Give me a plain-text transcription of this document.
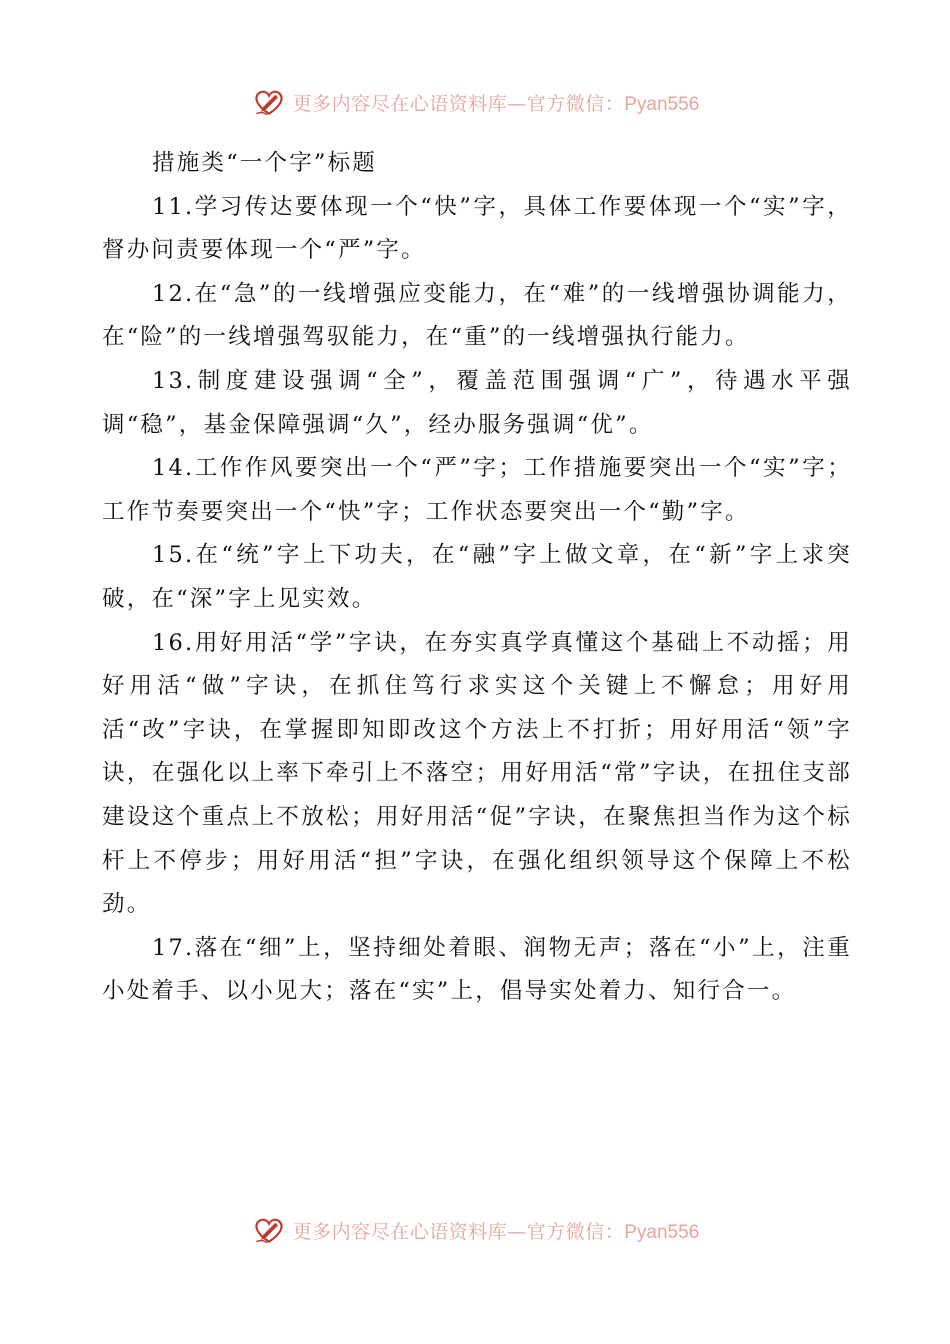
更多内容尽在心语资料库—官方微信：Pyan556

措施类“一个字”标题

11.学习传达要体现一个“快”字，具体工作要体现一个“实”字，督办问责要体现一个“严”字。

12.在“急”的一线增强应变能力，在“难”的一线增强协调能力，在“险”的一线增强驾驭能力，在“重”的一线增强执行能力。

13.制度建设强调“全”，覆盖范围强调“广”，待遇水平强调“稳”，基金保障强调“久”，经办服务强调“优”。

14.工作作风要突出一个“严”字；工作措施要突出一个“实”字；工作节奏要突出一个“快”字；工作状态要突出一个“勤”字。

15.在“统”字上下功夫，在“融”字上做文章，在“新”字上求突破，在“深”字上见实效。

16.用好用活“学”字诀，在夯实真学真懂这个基础上不动摇；用好用活“做”字诀，在抓住笃行求实这个关键上不懈怠；用好用活“改”字诀，在掌握即知即改这个方法上不打折；用好用活“领”字诀，在强化以上率下牵引上不落空；用好用活“常”字诀，在扭住支部建设这个重点上不放松；用好用活“促”字诀，在聚焦担当作为这个标杆上不停步；用好用活“担”字诀，在强化组织领导这个保障上不松劲。

17.落在“细”上，坚持细处着眼、润物无声；落在“小”上，注重小处着手、以小见大；落在“实”上，倡导实处着力、知行合一。

更多内容尽在心语资料库—官方微信：Pyan556
